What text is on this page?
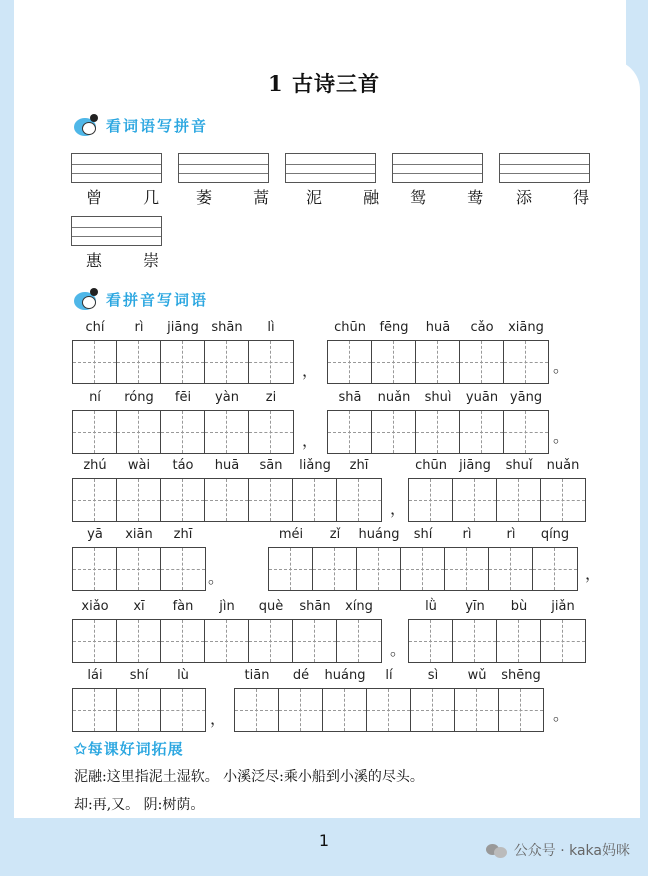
1 古诗三首
看词语写拼音
曾 几 萎 蒿 泥 融 鸳 鸯 添 得
惠 崇
看拼音写词语
chí rì jiāng shān lì	chūn fēng huā cǎo xiāng
，	。
ní róng fēi yàn zi	shā nuǎn shuì yuān yāng
，	。
zhú wài táo huā sān liǎng zhī	chūn jiāng shuǐ nuǎn
，
yā xiān zhī	méi zǐ huáng shí rì	rì qíng
。	，
xiǎo xī fàn jìn què shān xíng	lǜ yīn bù jiǎn
。
lái shí lù	tiān dé huáng lí	sì wǔ shēng
，	。
✩每课好词拓展
泥融:这里指泥土湿软。 小溪泛尽:乘小船到小溪的尽头。
却:再,又。 阴:树荫。
1
公众号 · kaka妈咪
